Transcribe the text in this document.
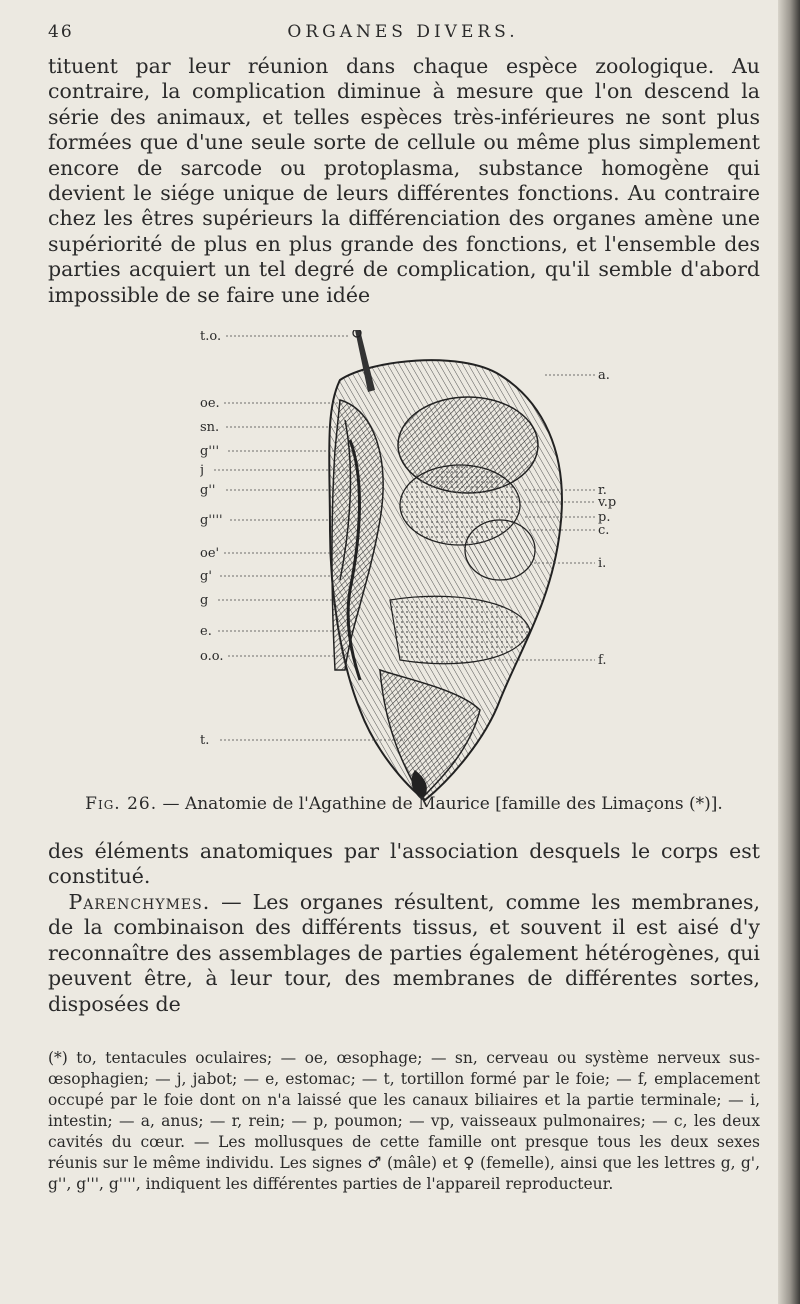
46	ORGANES DIVERS.

tituent par leur réunion dans chaque espèce zoologique. Au contraire, la complication diminue à mesure que l'on descend la série des animaux, et telles espèces très-inférieures ne sont plus formées que d'une seule sorte de cellule ou même plus simplement encore de sarcode ou protoplasma, substance homogène qui devient le siége unique de leurs différentes fonctions. Au contraire chez les êtres supérieurs la différenciation des organes amène une supériorité de plus en plus grande des fonctions, et l'ensemble des parties acquiert un tel degré de complication, qu'il semble d'abord impossible de se faire une idée

t.o.
oe.
sn.
g'''
j
g''
g''''
oe'
g'
g
e.
o.o.
t.
a.
r.
v.p
p.
c.
i.
f.
Fig. 26. — Anatomie de l'Agathine de Maurice [famille des Limaçons (*)].

des éléments anatomiques par l'association desquels le corps est constitué.

 Parenchymes. — Les organes résultent, comme les membranes, de la combinaison des différents tissus, et souvent il est aisé d'y reconnaître des assemblages de parties également hétérogènes, qui peuvent être, à leur tour, des membranes de différentes sortes, disposées de

(*) to, tentacules oculaires; — oe, œsophage; — sn, cerveau ou système nerveux sus-œsophagien; — j, jabot; — e, estomac; — t, tortillon formé par le foie; — f, emplacement occupé par le foie dont on n'a laissé que les canaux biliaires et la partie terminale; — i, intestin; — a, anus; — r, rein; — p, poumon; — vp, vaisseaux pulmonaires; — c, les deux cavités du cœur. — Les mollusques de cette famille ont presque tous les deux sexes réunis sur le même individu. Les signes ♂ (mâle) et ♀ (femelle), ainsi que les lettres g, g', g'', g''', g'''', indiquent les différentes parties de l'appareil reproducteur.
